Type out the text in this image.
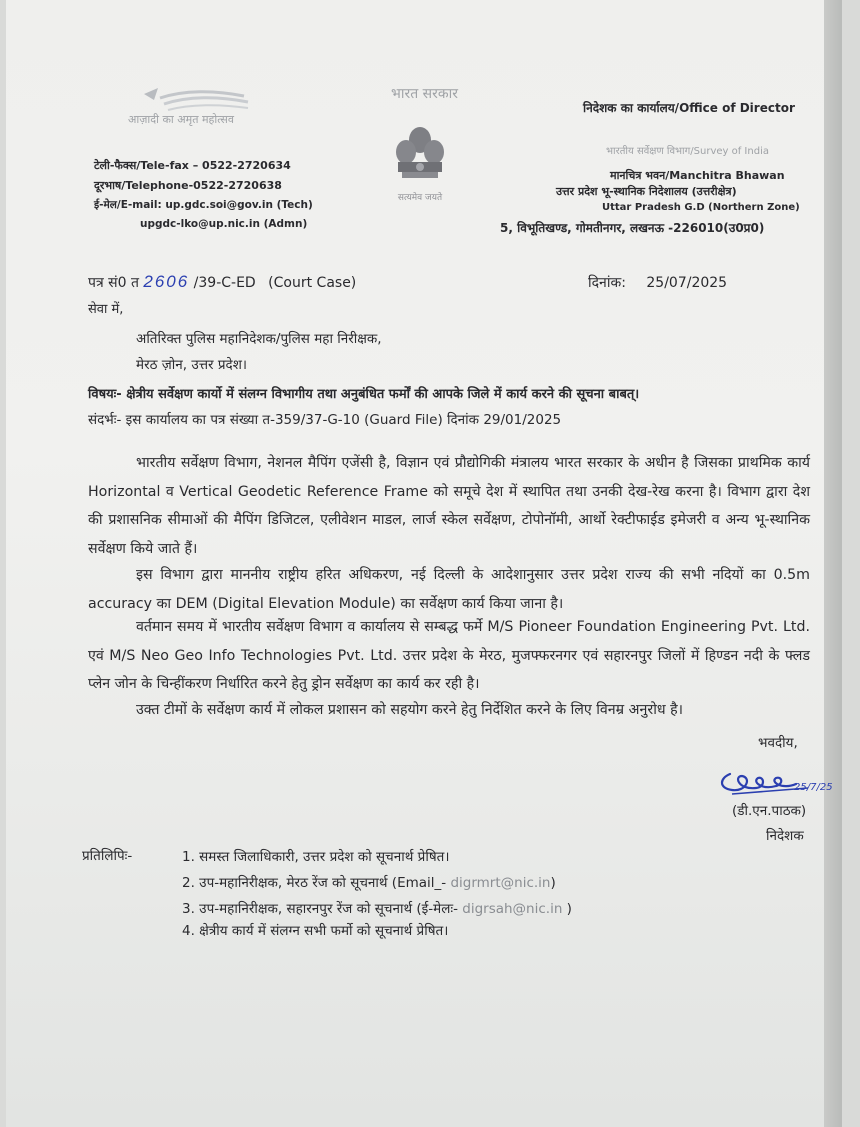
आज़ादी का अमृत महोत्सव
भारत सरकार
सत्यमेव जयते
निदेशक का कार्यालय/Office of Director
भारतीय सर्वेक्षण विभाग/Survey of India
मानचित्र भवन/Manchitra Bhawan
उत्तर प्रदेश भू-स्थानिक निदेशालय (उत्तरीक्षेत्र)
Uttar Pradesh G.D (Northern Zone)
5, विभूतिखण्ड, गोमतीनगर, लखनऊ -226010(उ0प्र0)
टेली-फैक्स/Tele-fax – 0522-2720634
दूरभाष/Telephone-0522-2720638
ई-मेल/E-mail: up.gdc.soi@gov.in (Tech)
upgdc-lko@up.nic.in (Admn)
पत्र सं0 त 2606 /39-C-ED (Court Case)	दिनांक: 25/07/2025
सेवा में,
अतिरिक्त पुलिस महानिदेशक/पुलिस महा निरीक्षक,
मेरठ ज़ोन, उत्तर प्रदेश।
विषयः- क्षेत्रीय सर्वेक्षण कार्यो में संलग्न विभागीय तथा अनुबंधित फर्मों की आपके जिले में कार्य करने की सूचना बाबत्।
संदर्भः- इस कार्यालय का पत्र संख्या त-359/37-G-10 (Guard File) दिनांक 29/01/2025
भारतीय सर्वेक्षण विभाग, नेशनल मैपिंग एजेंसी है, विज्ञान एवं प्रौद्योगिकी मंत्रालय भारत सरकार के अधीन है जिसका प्राथमिक कार्य Horizontal व Vertical Geodetic Reference Frame को समूचे देश में स्थापित तथा उनकी देख-रेख करना है। विभाग द्वारा देश की प्रशासनिक सीमाओं की मैपिंग डिजिटल, एलीवेशन माडल, लार्ज स्केल सर्वेक्षण, टोपोनॉमी, आर्थो रेक्टीफाईड इमेजरी व अन्य भू-स्थानिक सर्वेक्षण किये जाते हैं।
इस विभाग द्वारा माननीय राष्ट्रीय हरित अधिकरण, नई दिल्ली के आदेशानुसार उत्तर प्रदेश राज्य की सभी नदियों का 0.5m accuracy का DEM (Digital Elevation Module) का सर्वेक्षण कार्य किया जाना है।
वर्तमान समय में भारतीय सर्वेक्षण विभाग व कार्यालय से सम्बद्ध फर्मे M/S Pioneer Foundation Engineering Pvt. Ltd. एवं M/S Neo Geo Info Technologies Pvt. Ltd. उत्तर प्रदेश के मेरठ, मुजफ्फरनगर एवं सहारनपुर जिलों में हिण्डन नदी के फ्लड प्लेन जोन के चिन्हींकरण निर्धारित करने हेतु ड्रोन सर्वेक्षण का कार्य कर रही है।
उक्त टीमों के सर्वेक्षण कार्य में लोकल प्रशासन को सहयोग करने हेतु निर्देशित करने के लिए विनम्र अनुरोध है।
भवदीय,
25/7/25
(डी.एन.पाठक)
निदेशक
प्रतिलिपिः-	1. समस्त जिलाधिकारी, उत्तर प्रदेश को सूचनार्थ प्रेषित।
2. उप-महानिरीक्षक, मेरठ रेंज को सूचनार्थ (Email_- digrmrt@nic.in)
3. उप-महानिरीक्षक, सहारनपुर रेंज को सूचनार्थ (ई-मेलः- digrsah@nic.in )
4. क्षेत्रीय कार्य में संलग्न सभी फर्मो को सूचनार्थ प्रेषित।
